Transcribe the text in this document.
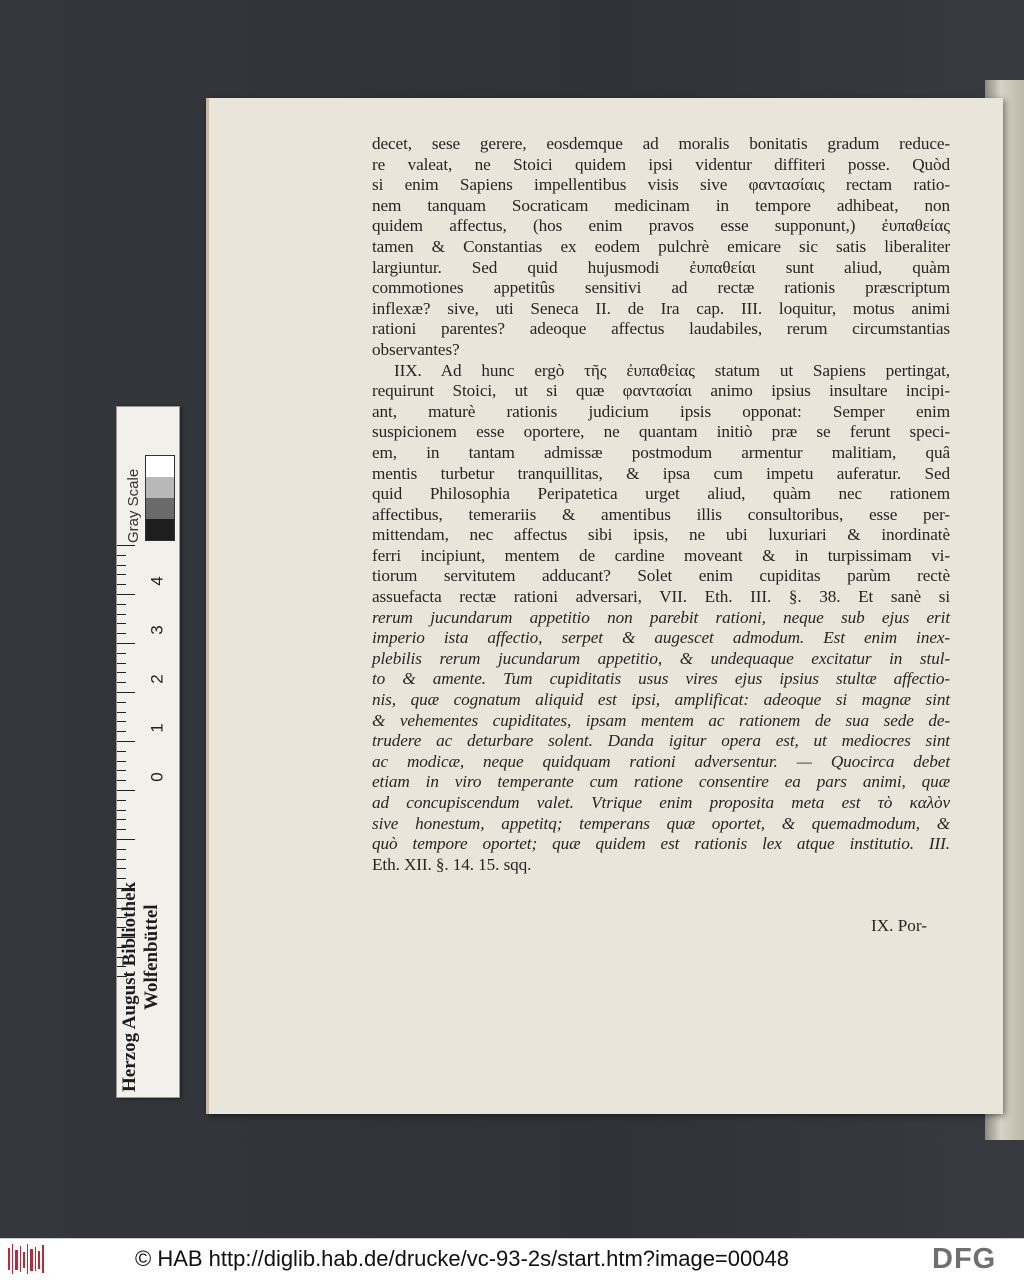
decet, sese gerere, eosdemque ad moralis bonitatis gradum reduce-
re valeat, ne Stoici quidem ipsi videntur diffiteri posse. Quòd
si enim Sapiens impellentibus visis sive φαντασίαις rectam ratio-
nem tanquam Socraticam medicinam in tempore adhibeat, non
quidem affectus, (hos enim pravos esse supponunt,) ἐυπαθείας
tamen & Constantias ex eodem pulchrè emicare sic satis liberaliter
largiuntur. Sed quid hujusmodi ἐυπαθείαι sunt aliud, quàm
commotiones appetitûs sensitivi ad rectæ rationis præscriptum
inflexæ? sive, uti Seneca II. de Ira cap. III. loquitur, motus animi
rationi parentes? adeoque affectus laudabiles, rerum circumstantias
observantes?
IIX. Ad hunc ergò τῆς ἐυπαθείας statum ut Sapiens pertingat,
requirunt Stoici, ut si quæ φαντασίαι animo ipsius insultare incipi-
ant, maturè rationis judicium ipsis opponat: Semper enim
suspicionem esse oportere, ne quantam initiò præ se ferunt speci-
em, in tantam admissæ postmodum armentur malitiam, quâ
mentis turbetur tranquillitas, & ipsa cum impetu auferatur. Sed
quid Philosophia Peripatetica urget aliud, quàm nec rationem
affectibus, temerariis & amentibus illis consultoribus, esse per-
mittendam, nec affectus sibi ipsis, ne ubi luxuriari & inordinatè
ferri incipiunt, mentem de cardine moveant & in turpissimam vi-
tiorum servitutem adducant? Solet enim cupiditas parùm rectè
assuefacta rectæ rationi adversari, VII. Eth. III. §. 38. Et sanè si
rerum jucundarum appetitio non parebit rationi, neque sub ejus erit
imperio ista affectio, serpet & augescet admodum. Est enim inex-
plebilis rerum jucundarum appetitio, & undequaque excitatur in stul-
to & amente. Tum cupiditatis usus vires ejus ipsius stultæ affectio-
nis, quæ cognatum aliquid est ipsi, amplificat: adeoque si magnæ sint
& vehementes cupiditates, ipsam mentem ac rationem de sua sede de-
trudere ac deturbare solent. Danda igitur opera est, ut mediocres sint
ac modicæ, neque quidquam rationi adversentur. — Quocirca debet
etiam in viro temperante cum ratione consentire ea pars animi, quæ
ad concupiscendum valet. Vtrique enim proposita meta est τὸ καλὸν
sive honestum, appetitq; temperans quæ oportet, & quemadmodum, &
quò tempore oportet; quæ quidem est rationis lex atque institutio. III.
Eth. XII. §. 14. 15. sqq.
IX. Por-
Gray Scale
0
1
2
3
4
Herzog August Bibliothek Wolfenbüttel
© HAB http://diglib.hab.de/drucke/vc-93-2s/start.htm?image=00048	DFG
